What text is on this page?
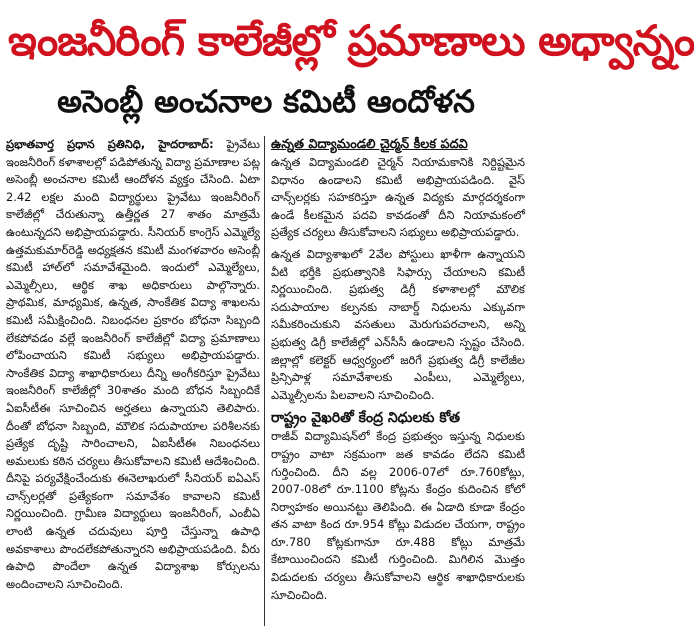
ఇంజనీరింగ్ కాలేజీల్లో ప్రమాణాలు అధ్వాన్నం
అసెంబ్లీ అంచనాల కమిటీ ఆందోళన

ప్రభాతవార్త ప్రధాన ప్రతినిధి, హైదరాబాద్: ప్రైవేటు ఇంజనీరింగ్ కళాశాలల్లో పడిపోతున్న విద్యా ప్రమాణాల పట్ల అసెంబ్లీ అంచనాల కమిటీ ఆందోళన వ్యక్తం చేసింది. ఏటా 2.42 లక్షల మంది విద్యార్థులు ప్రైవేటు ఇంజనీరింగ్ కాలేజీల్లో చేరుతున్నా ఉత్తీర్ణత 27 శాతం మాత్రమే ఉంటున్నదని అభిప్రాయపడ్డారు. సీనియర్ కాంగ్రెస్ ఎమ్మెల్యే ఉత్తమకుమార్‌రెడ్డి అధ్యక్షతన కమిటీ మంగళవారం అసెంబ్లీ కమిటీ హాల్‌లో సమావేశమైంది. ఇందులో ఎమ్మెల్యేలు, ఎమ్మెల్సీలు, ఆర్థిక శాఖ అధికారులు పాల్గొన్నారు. ప్రాథమిక, మాధ్యమిక, ఉన్నత, సాంకేతిక విద్యా శాఖలను కమిటీ సమీక్షించింది. నిబంధనల ప్రకారం బోధనా సిబ్బంది లేకపోవడం వల్లే ఇంజనీరింగ్ కాలేజీల్లో విద్యా ప్రమాణాలు లోపించాయని కమిటీ సభ్యులు అభిప్రాయపడ్డారు. సాంకేతిక విద్యా శాఖాధికారులు దీన్ని అంగీకరిస్తూ ప్రైవేటు ఇంజనీరింగ్ కాలేజీల్లో 30శాతం మంది బోధన సిబ్బందికే ఏఐసీటీఈ సూచించిన అర్హతలు ఉన్నాయని తెలిపారు. దీంతో బోధనా సిబ్బంది, మౌలిక సదుపాయాల పరిశీలనకు ప్రత్యేక దృష్టి సారించాలని, ఏఐసీటీఈ నిబంధనలు అమలుకు కఠిన చర్యలు తీసుకోవాలని కమిటీ ఆదేశించింది. దీనిపై పర్యవేక్షించేందుకు ఈనెలాఖరులో సీనియర్ ఐఏఎస్ చాన్స్‌లర్లతో ప్రత్యేకంగా సమావేశం కావాలని కమిటీ నిర్ణయించింది. గ్రామీణ విద్యార్థులు ఇంజనీరింగ్, ఎంబీఏ లాంటి ఉన్నత చదువులు పూర్తి చేస్తున్నా ఉపాధి అవకాశాలు పొందలేకపోతున్నారని అభిప్రాయపడింది. వీరు ఉపాధి పొందేలా ఉన్నత విద్యాశాఖ కోర్సులను అందించాలని సూచించింది.

ఉన్నత విద్యామండలి చైర్మన్ కీలక పదవి

ఉన్నత విద్యామండలి చైర్మన్ నియామకానికి నిర్దిష్టమైన విధానం ఉండాలని కమిటీ అభిప్రాయపడింది. వైస్ చాన్స్‌లర్లకు సహకరిస్తూ ఉన్నత విద్యకు మార్గదర్శకంగా ఉండే కీలకమైన పదవి కావడంతో దీని నియామకంలో ప్రత్యేక చర్యలు తీసుకోవాలని సభ్యులు అభిప్రాయపడ్డారు.

ఉన్నత విద్యాశాఖలో 2వేల పోస్టులు ఖాళీగా ఉన్నాయని వీటి భర్తీకి ప్రభుత్వానికి సిఫార్సు చేయాలని కమిటీ నిర్ణయించింది. ప్రభుత్వ డిగ్రీ కళాశాలల్లో మౌలిక సదుపాయాల కల్పనకు నాబార్డ్ నిధులను ఎక్కువగా సమీకరించుకుని వసతులు మెరుగుపరచాలని, అన్ని ప్రభుత్వ డిగ్రీ కాలేజీల్లో ఎన్‌సీసీ ఉండాలని స్పష్టం చేసింది. జిల్లాల్లో కలెక్టర్ ఆధ్వర్యంలో జరిగే ప్రభుత్వ డిగ్రీ కాలేజీల ప్రిన్సిపాళ్ల సమావేశాలకు ఎంపీలు, ఎమ్మెల్యేలు, ఎమ్మెల్సీలను పిలవాలని సూచించింది.

రాష్ట్రం వైఖరితో కేంద్ర నిధులకు కోత

రాజీవ్ విద్యామిషన్‌లో కేంద్ర ప్రభుత్వం ఇస్తున్న నిధులకు రాష్ట్రం వాటా సక్రమంగా జత కావడం లేదని కమిటీ గుర్తించింది. దీని వల్ల 2006-07లో రూ.760కోట్లు, 2007-08లో రూ.1100 కోట్లను కేంద్రం కుదించిన కోలో నిర్వాహకం అయినట్టు తెలిపింది. ఈ ఏడాది కూడా కేంద్రం తన వాటా కింద రూ.954 కోట్లు విడుదల చేయగా, రాష్ట్రం రూ.780 కోట్లకుగానూ రూ.488 కోట్లు మాత్రమే కేటాయించిందని కమిటీ గుర్తించింది. మిగిలిన మొత్తం విడుదలకు చర్యలు తీసుకోవాలని ఆర్థిక శాఖాధికారులకు సూచించింది.
